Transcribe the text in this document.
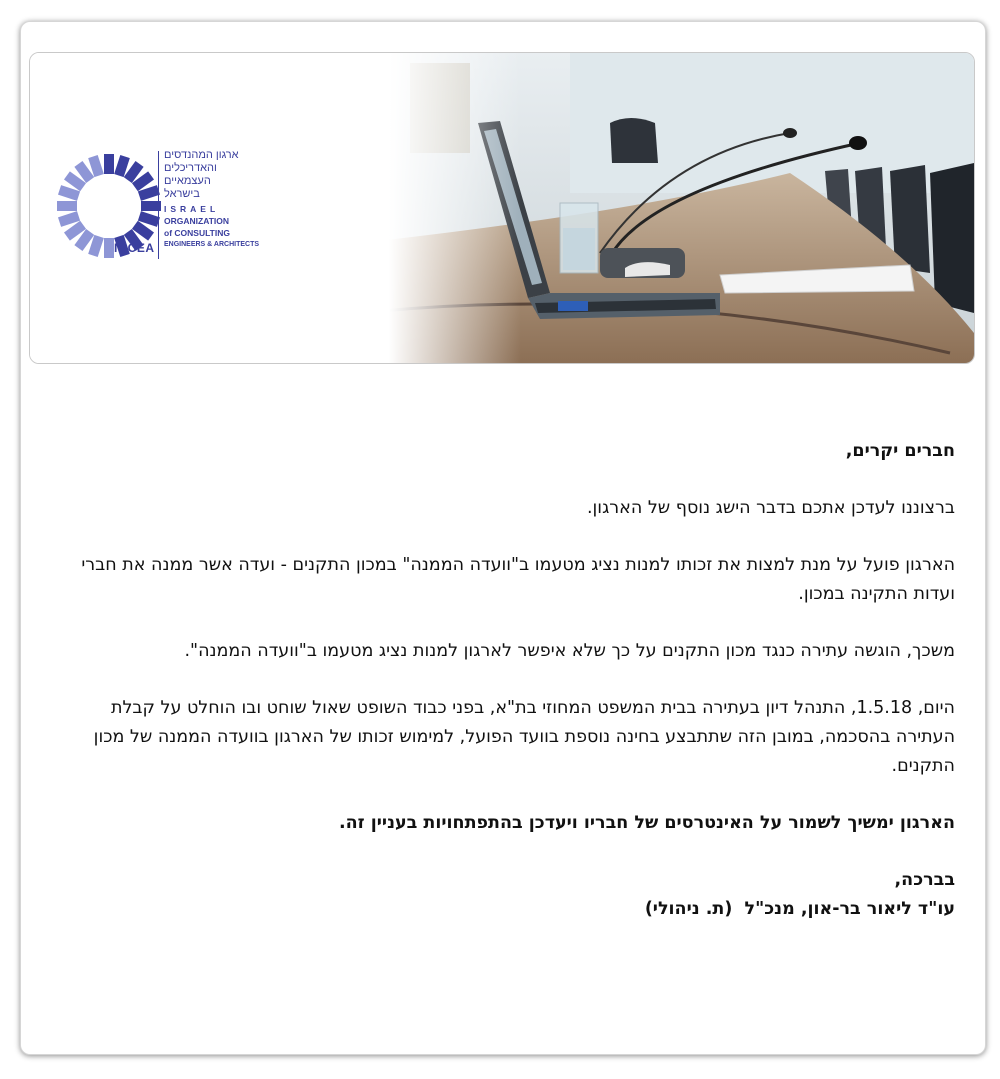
IOCEA
ארגון המהנדסים
והאדריכלים
העצמאיים
בישראל
ISRAEL
ORGANIZATION
of CONSULTING
ENGINEERS & ARCHITECTS

חברים יקרים,

ברצוננו לעדכן אתכם בדבר הישג נוסף של הארגון.

הארגון פועל על מנת למצות את זכותו למנות נציג מטעמו ב"וועדה הממנה" במכון התקנים - ועדה אשר ממנה את חברי ועדות התקינה במכון.

משכך, הוגשה עתירה כנגד מכון התקנים על כך שלא איפשר לארגון למנות נציג מטעמו ב"וועדה הממנה".

היום, 1.5.18, התנהל דיון בעתירה בבית המשפט המחוזי בת"א, בפני כבוד השופט שאול שוחט ובו הוחלט על קבלת העתירה בהסכמה, במובן הזה שתתבצע בחינה נוספת בוועד הפועל, למימוש זכותו של הארגון בוועדה הממנה של מכון התקנים.

הארגון ימשיך לשמור על האינטרסים של חבריו ויעדכן בהתפתחויות בעניין זה.

בברכה,

עו"ד ליאור בר-און, מנכ"ל  (ת. ניהולי)
